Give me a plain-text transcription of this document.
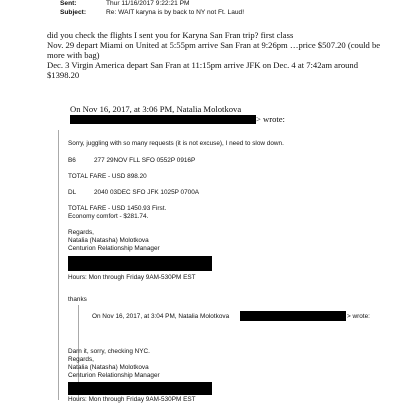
Sent:	Thur 11/16/2017 9:22:21 PM
Subject:	Re: WAIT karyna is by back to NY not Ft. Laud!
did you check the flights I sent you for Karyna San Fran trip? first class
Nov. 29 depart Miami on United at 5:55pm arrive San Fran at 9:26pm …price $507.20 (could be
more with bag)
Dec. 3 Virgin America depart San Fran at 11:15pm arrive JFK on Dec. 4 at 7:42am around
$1398.20
On Nov 16, 2017, at 3:06 PM, Natalia Molotkova
> wrote:
Sorry, juggling with so many requests (it is not excuse), I need to slow down.
B6	277 29NOV FLL SFO 0552P 0916P
TOTAL FARE - USD 898.20
DL	2040 03DEC SFO JFK 1025P 0700A
TOTAL FARE - USD 1450.93 First.
Economy comfort - $281.74.
Regards,
Natalia (Natasha) Molotkova
Centurion Relationship Manager
Hours: Mon through Friday 9AM-530PM EST
thanks
On Nov 16, 2017, at 3:04 PM, Natalia Molotkova	> wrote:
Darn it, sorry, checking NYC.
Regards,
Natalia (Natasha) Molotkova
Centurion Relationship Manager
Hours: Mon through Friday 9AM-530PM EST
